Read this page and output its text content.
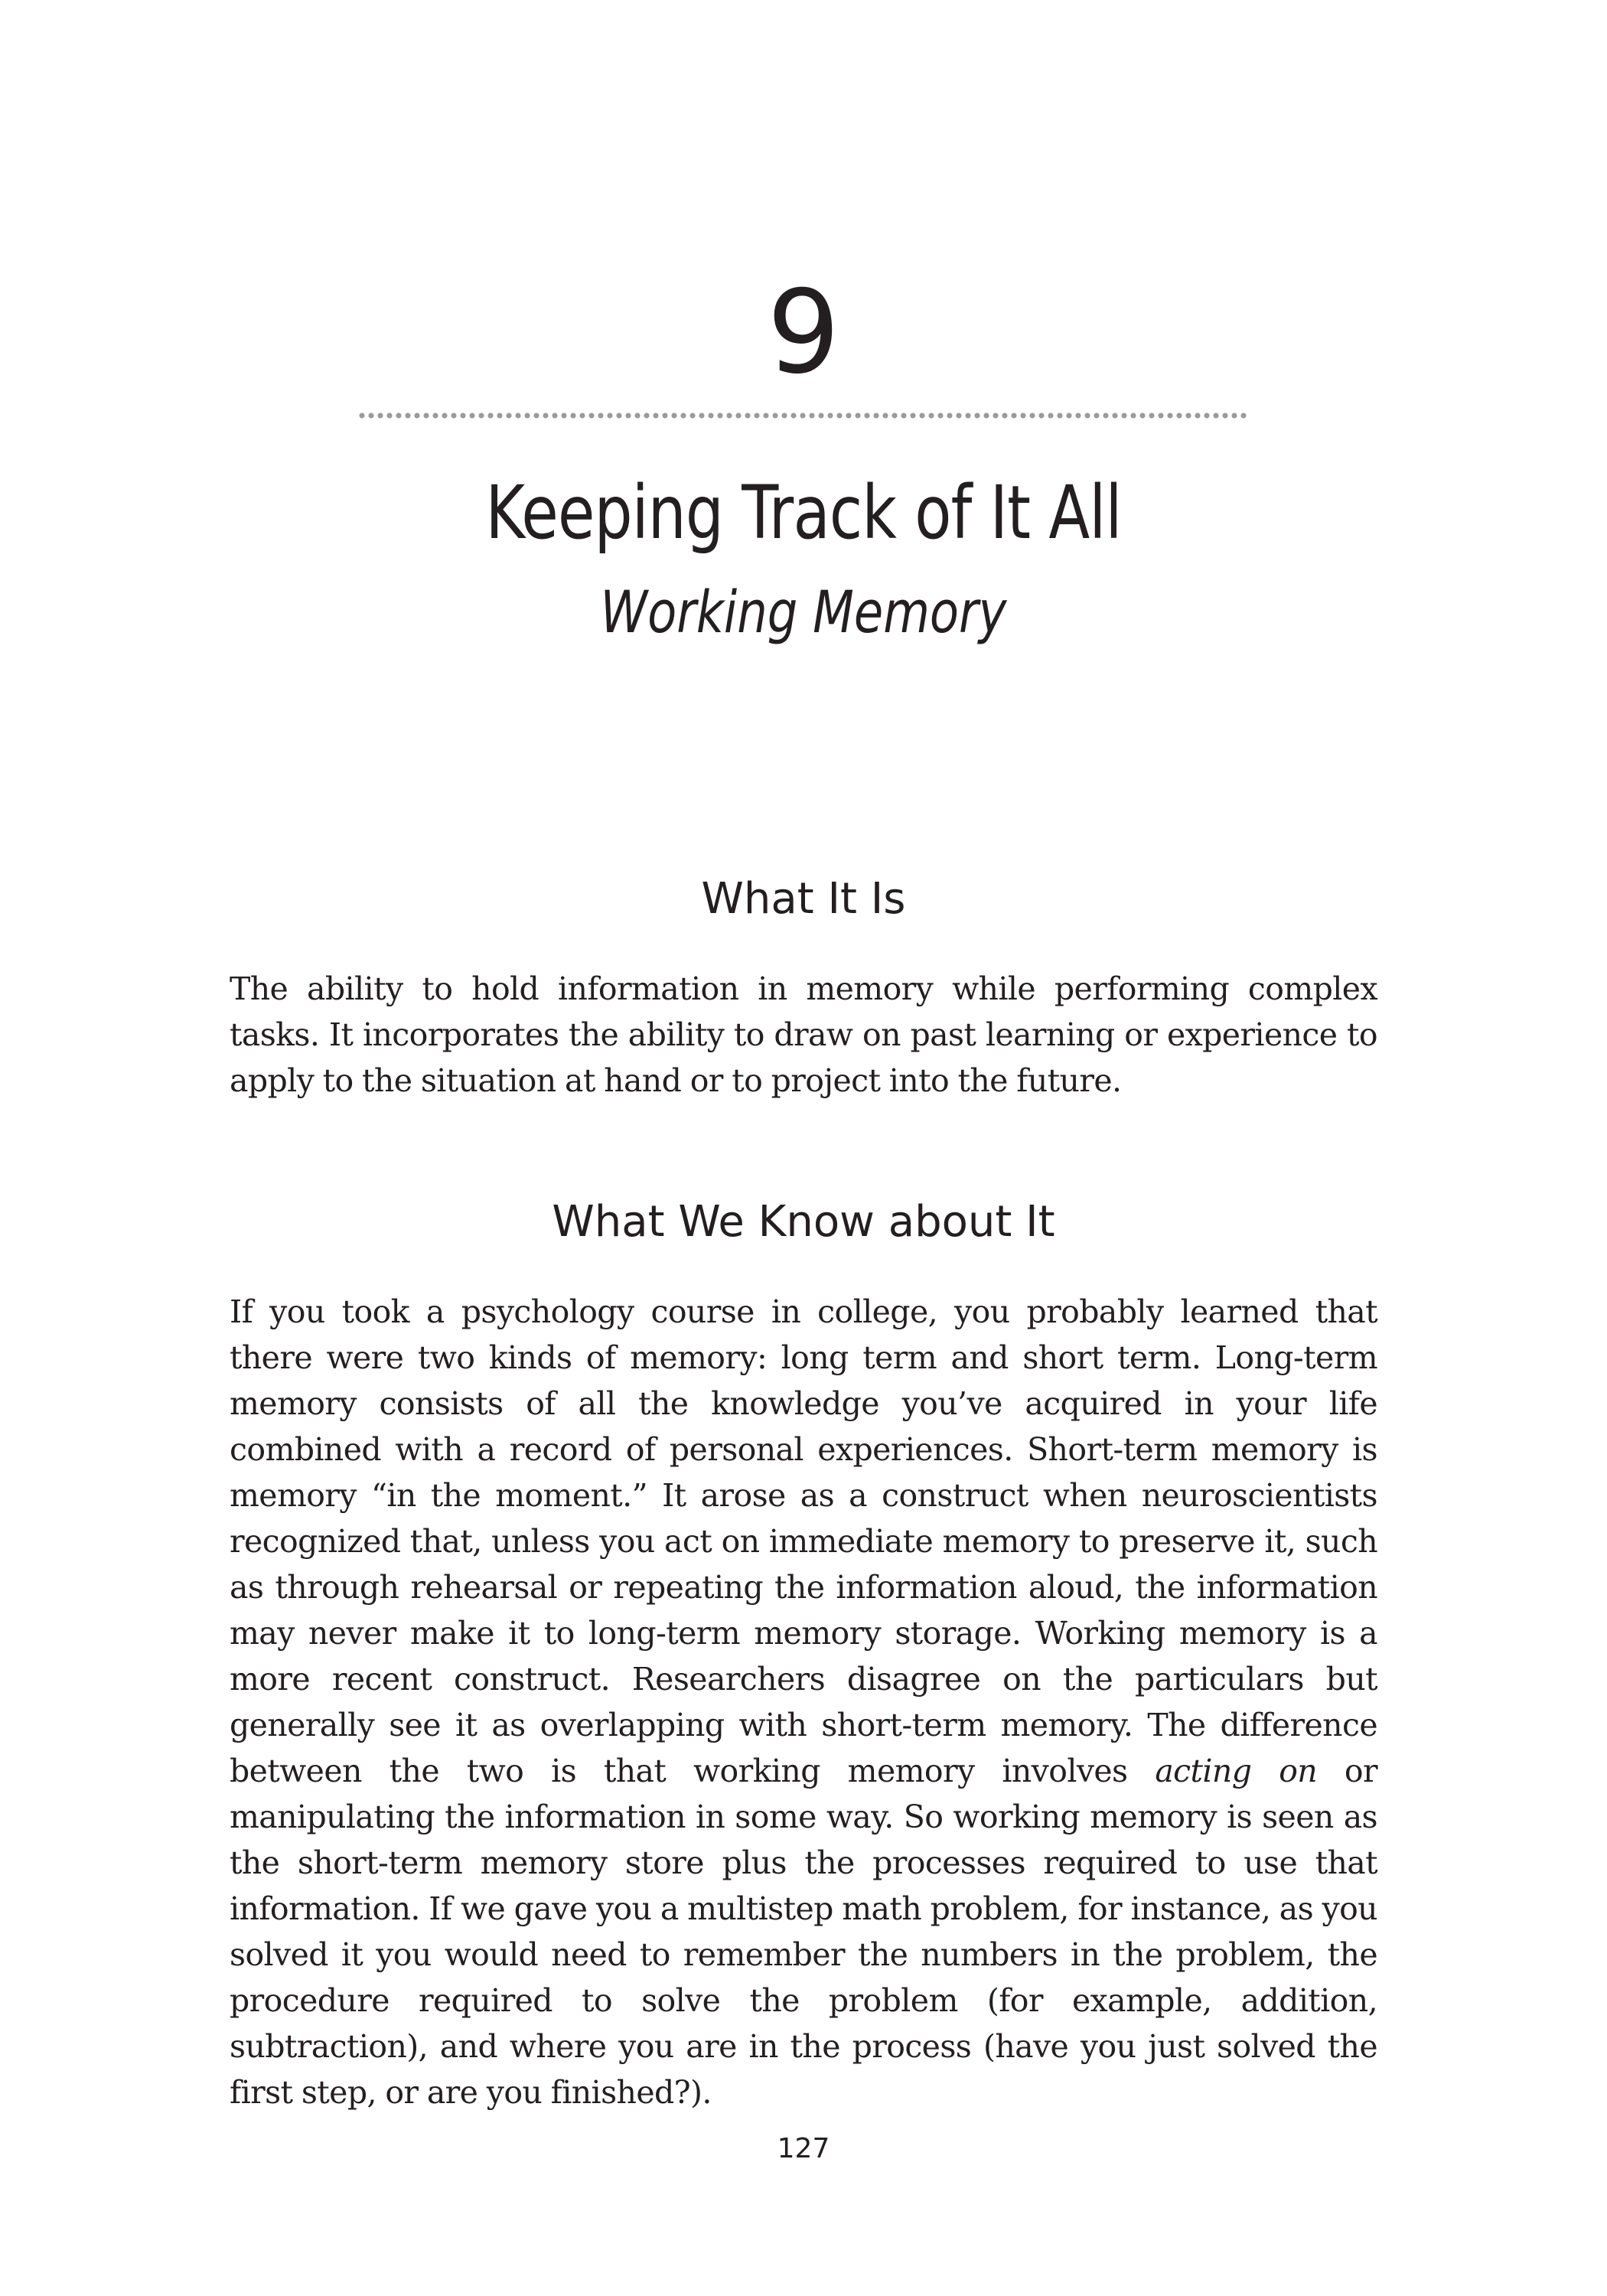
9
Keeping Track of It All
Working Memory
What It Is

The ability to hold information in memory while performing complex tasks. It incorporates the ability to draw on past learning or experience to apply to the situation at hand or to project into the future.

What We Know about It

If you took a psychology course in college, you probably learned that there were two kinds of memory: long term and short term. Long-term memory consists of all the knowledge you’ve acquired in your life combined with a record of personal experiences. Short-term memory is memory “in the moment.” It arose as a construct when neuroscientists recognized that, unless you act on immediate memory to preserve it, such as through rehearsal or repeating the information aloud, the information may never make it to long-term memory storage. Working memory is a more recent construct. Researchers disagree on the particulars but generally see it as overlapping with short-term memory. The difference between the two is that working memory involves acting on or manipulating the information in some way. So working memory is seen as the short-term memory store plus the processes required to use that information. If we gave you a multistep math problem, for instance, as you solved it you would need to remember the numbers in the problem, the procedure required to solve the problem (for example, addition, subtraction), and where you are in the process (have you just solved the first step, or are you finished?).

127
